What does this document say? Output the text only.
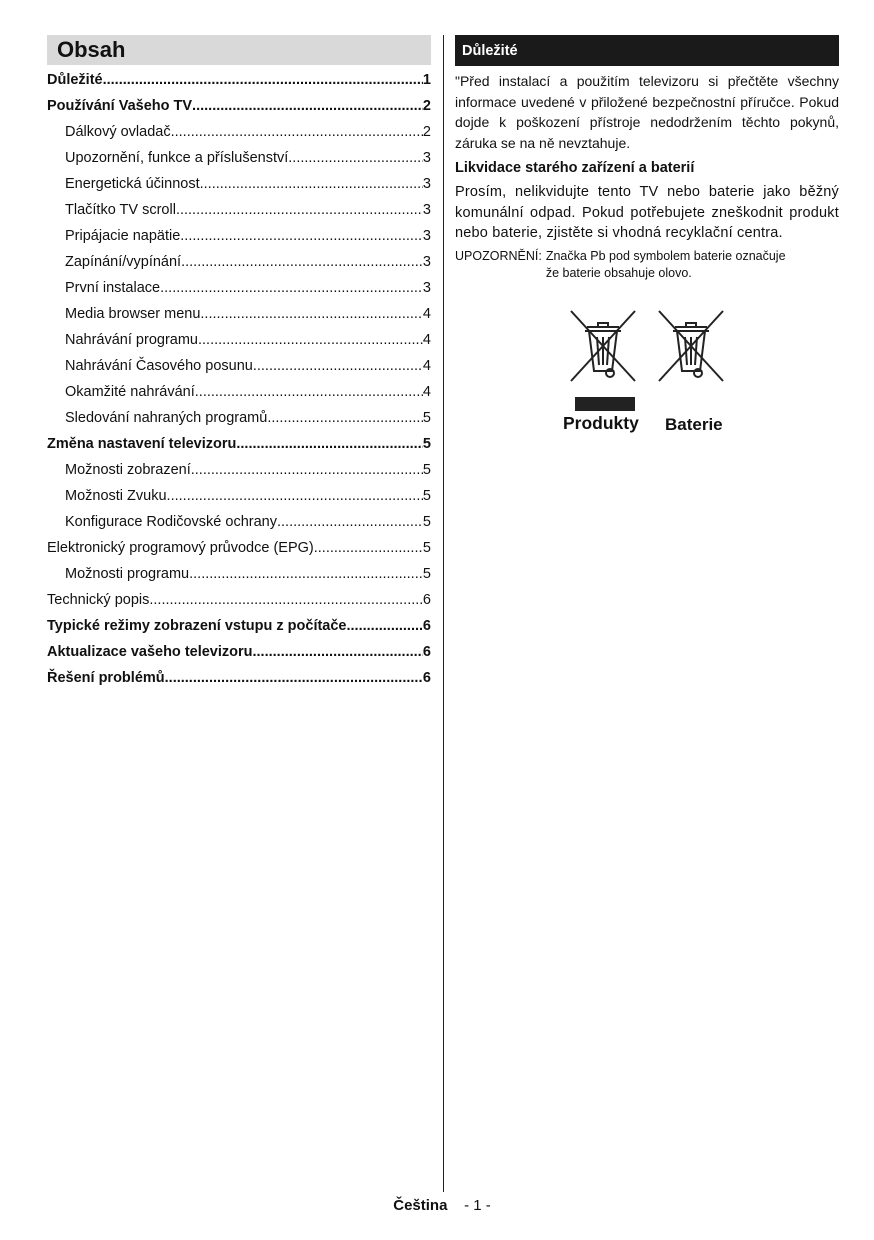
Obsah
Důležité .....	1
Používání Vašeho TV .....	2
Dálkový ovladač .....	2
Upozornění, funkce a příslušenství .....	3
Energetická účinnost .....	3
Tlačítko TV scroll .....	3
Pripájacie napätie .....	3
Zapínání/vypínání .....	3
První instalace .....	3
Media browser menu .....	4
Nahrávání programu .....	4
Nahrávání Časového posunu .....	4
Okamžité nahrávání .....	4
Sledování nahraných programů .....	5
Změna nastavení televizoru .....	5
Možnosti zobrazení .....	5
Možnosti Zvuku .....	5
Konfigurace Rodičovské ochrany .....	5
Elektronický programový průvodce (EPG) .....	5
Možnosti programu .....	5
Technický popis .....	6
Typické režimy zobrazení vstupu z počítače .....	6
Aktualizace vašeho televizoru .....	6
Řešení problémů .....	6
Důležité
"Před instalací a použitím televizoru si přečtěte všechny informace uvedené v přiložené bezpečnostní příručce. Pokud dojde k poškození přístroje nedodržením těchto pokynů, záruka se na ně nevztahuje.
Likvidace starého zařízení a baterií
Prosím, nelikvidujte tento TV nebo baterie jako běžný komunální odpad. Pokud potřebujete zneškodnit produkt nebo baterie, zjistěte si vhodná recyklační centra.
UPOZORNĚNÍ: Značka Pb pod symbolem baterie označuje
že baterie obsahuje olovo.
Produkty Baterie
Čeština - 1 -
